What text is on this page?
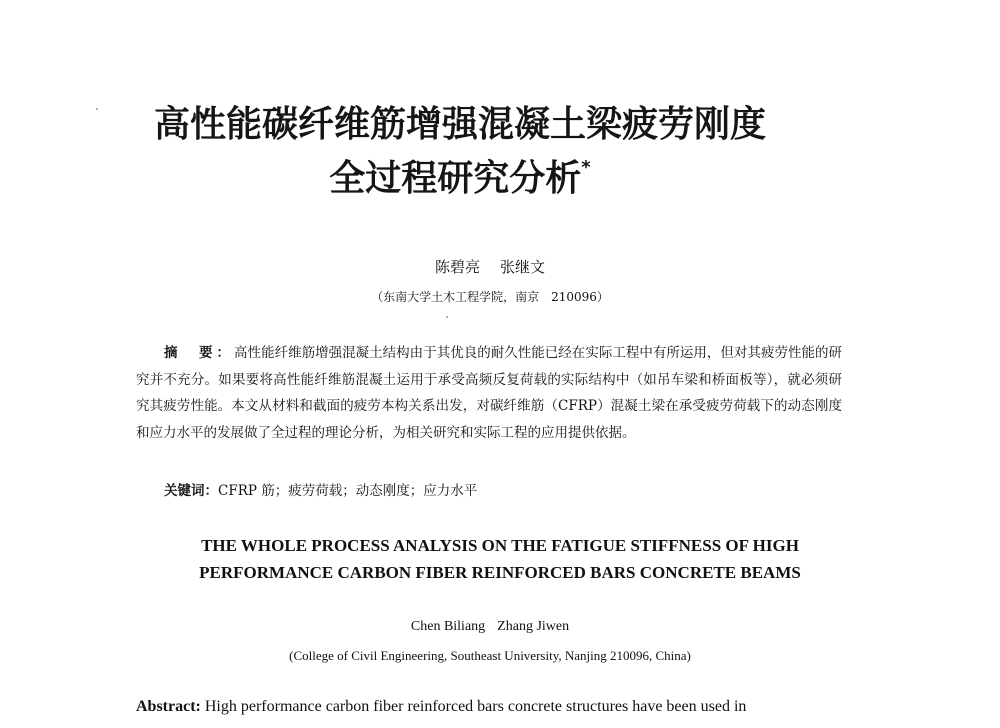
高性能碳纤维筋增强混凝土梁疲劳刚度
全过程研究分析*
陈碧亮 张继文
（东南大学土木工程学院，南京　210096）
摘　要：高性能纤维筋增强混凝土结构由于其优良的耐久性能已经在实际工程中有所运用，但对其疲劳性能的研究并不充分。如果要将高性能纤维筋混凝土运用于承受高频反复荷载的实际结构中（如吊车梁和桥面板等），就必须研究其疲劳性能。本文从材料和截面的疲劳本构关系出发，对碳纤维筋（CFRP）混凝土梁在承受疲劳荷载下的动态刚度和应力水平的发展做了全过程的理论分析，为相关研究和实际工程的应用提供依据。
关键词：CFRP 筋；疲劳荷载；动态刚度；应力水平
THE WHOLE PROCESS ANALYSIS ON THE FATIGUE STIFFNESS OF HIGH
PERFORMANCE CARBON FIBER REINFORCED BARS CONCRETE BEAMS
Chen Biliang Zhang Jiwen
(College of Civil Engineering, Southeast University, Nanjing 210096, China)
Abstract: High performance carbon fiber reinforced bars concrete structures have been used in
